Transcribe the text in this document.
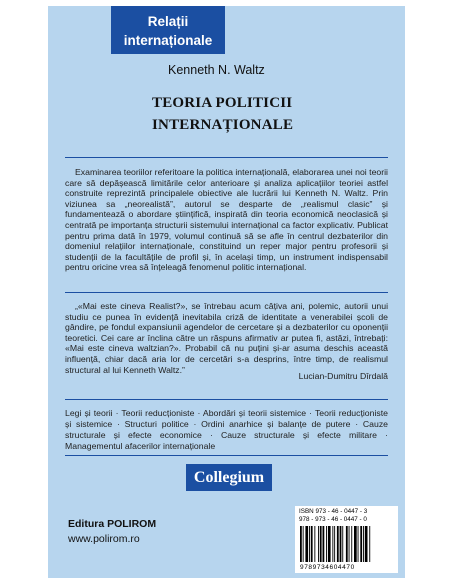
Relații
internaționale
Kenneth N. Waltz
TEORIA POLITICII
INTERNAȚIONALE

Examinarea teoriilor referitoare la politica internațională, elaborarea unei noi teorii care să depășească limitările celor anterioare și analiza aplicațiilor teoriei astfel construite reprezintă principalele obiective ale lucrării lui Kenneth N. Waltz. Prin viziunea sa „neorealistă”, autorul se desparte de „realismul clasic” și fundamentează o abordare științifică, inspirată din teoria economică neoclasică și centrată pe importanța structurii sistemului internațional ca factor explicativ. Publicat pentru prima dată în 1979, volumul continuă să se afle în centrul dezbaterilor din domeniul relațiilor internaționale, constituind un reper major pentru profesorii și studenții de la facultățile de profil și, în același timp, un instrument indispensabil pentru oricine vrea să înțeleagă fenomenul politic internațional.

„«Mai este cineva Realist?», se întrebau acum câțiva ani, polemic, autorii unui studiu ce punea în evidență inevitabila criză de identitate a venerabilei școli de gândire, pe fondul expansiunii agendelor de cercetare și a dezbaterilor cu oponenții teoretici. Cei care ar înclina către un răspuns afirmativ ar putea fi, astăzi, întrebați: «Mai este cineva waltzian?». Probabil că nu puțini și-ar asuma deschis această influență, chiar dacă aria lor de cercetări s-a desprins, între timp, de realismul structural al lui Kenneth Waltz.”

Lucian-Dumitru Dîrdală
Legi și teorii · Teorii reducționiste · Abordări și teorii sistemice · Teorii reducționiste și sistemice · Structuri politice · Ordini anarhice și balanțe de putere · Cauze structurale și efecte economice · Cauze structurale și efecte militare · Managementul afacerilor internaționale
Collegium
Editura POLIROM
www.polirom.ro
ISBN 973 - 46 - 0447 - 3
978 - 973 - 46 - 0447 - 0
9789734604470
